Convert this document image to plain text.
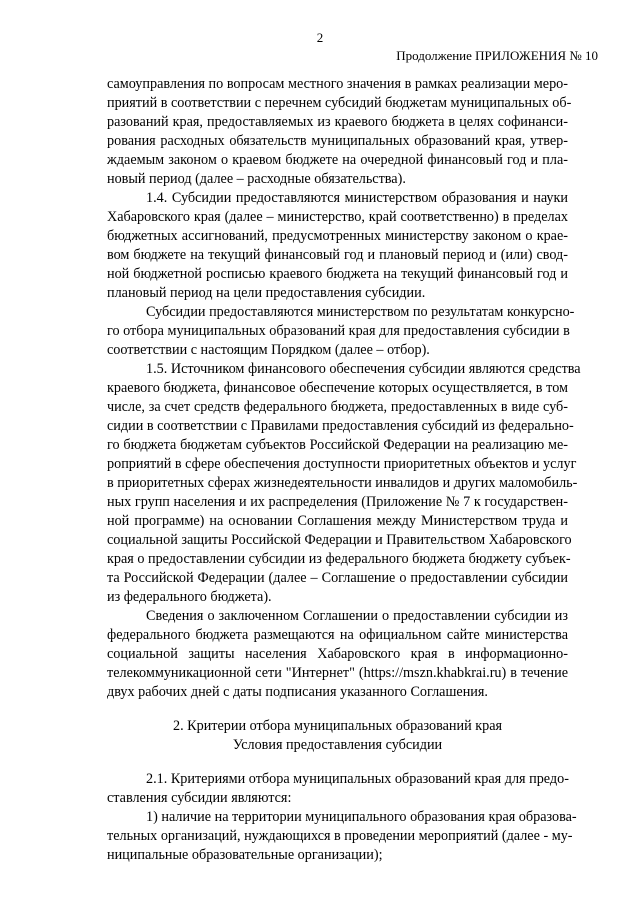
2
Продолжение ПРИЛОЖЕНИЯ № 10
самоуправления по вопросам местного значения в рамках реализации меро-
приятий в соответствии с перечнем субсидий бюджетам муниципальных об-
разований края, предоставляемых из краевого бюджета в целях софинанси-
рования расходных обязательств муниципальных образований края, утвер-
ждаемым законом о краевом бюджете на очередной финансовый год и пла-
новый период (далее – расходные обязательства).
1.4. Субсидии предоставляются министерством образования и науки
Хабаровского края (далее – министерство, край соответственно) в пределах
бюджетных ассигнований, предусмотренных министерству законом о крае-
вом бюджете на текущий финансовый год и плановый период и (или) свод-
ной бюджетной росписью краевого бюджета на текущий финансовый год и
плановый период на цели предоставления субсидии.
Субсидии предоставляются министерством по результатам конкурсно-
го отбора муниципальных образований края для предоставления субсидии в
соответствии с настоящим Порядком (далее – отбор).
1.5. Источником финансового обеспечения субсидии являются средства
краевого бюджета, финансовое обеспечение которых осуществляется, в том
числе, за счет средств федерального бюджета, предоставленных в виде суб-
сидии в соответствии с Правилами предоставления субсидий из федерально-
го бюджета бюджетам субъектов Российской Федерации на реализацию ме-
роприятий в сфере обеспечения доступности приоритетных объектов и услуг
в приоритетных сферах жизнедеятельности инвалидов и других маломобиль-
ных групп населения и их распределения (Приложение № 7 к государствен-
ной программе) на основании Соглашения между Министерством труда и
социальной защиты Российской Федерации и Правительством Хабаровского
края о предоставлении субсидии из федерального бюджета бюджету субъек-
та Российской Федерации (далее – Соглашение о предоставлении субсидии
из федерального бюджета).
Сведения о заключенном Соглашении о предоставлении субсидии из
федерального бюджета размещаются на официальном сайте министерства
социальной защиты населения Хабаровского края в информационно-
телекоммуникационной сети "Интернет" (https://mszn.khabkrai.ru) в течение
двух рабочих дней с даты подписания указанного Соглашения.
2. Критерии отбора муниципальных образований края
Условия предоставления субсидии
2.1. Критериями отбора муниципальных образований края для предо-
ставления субсидии являются:
1) наличие на территории муниципального образования края образова-
тельных организаций, нуждающихся в проведении мероприятий (далее - му-
ниципальные образовательные организации);
